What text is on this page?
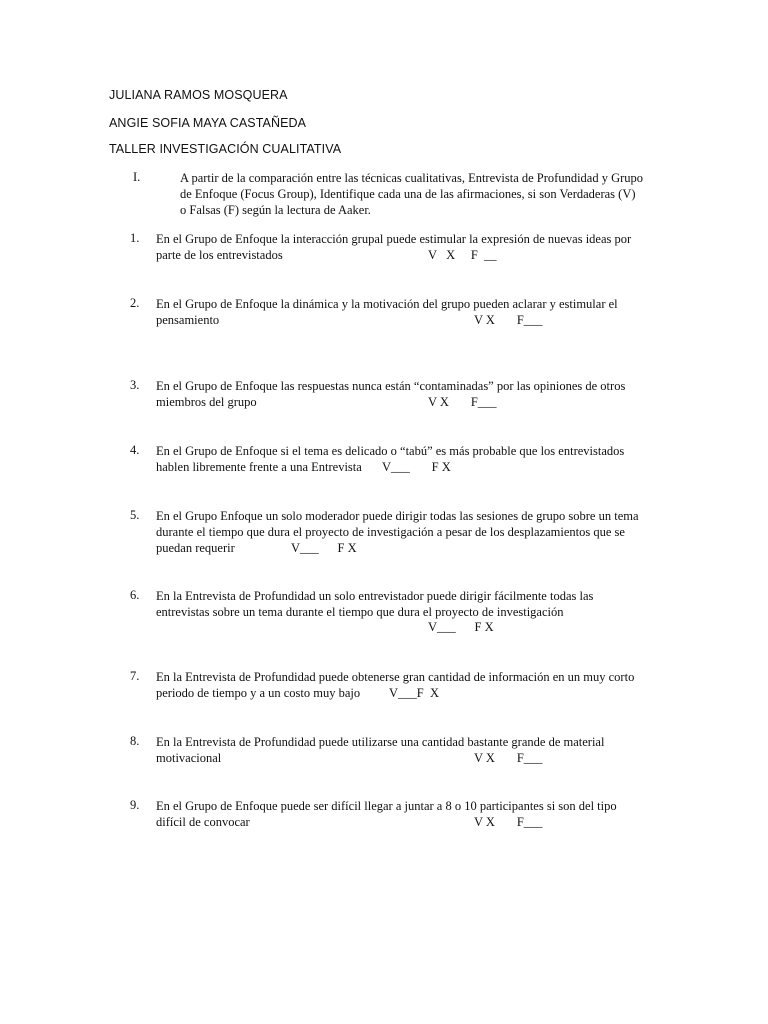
JULIANA RAMOS MOSQUERA
ANGIE SOFIA MAYA CASTAÑEDA
TALLER INVESTIGACIÓN CUALITATIVA
I.	A partir de la comparación entre las técnicas cualitativas, Entrevista de Profundidad y Grupo
de Enfoque (Focus Group), Identifique cada una de las afirmaciones, si son Verdaderas (V)
o Falsas (F) según la lectura de Aaker.
1. En el Grupo de Enfoque la interacción grupal puede estimular la expresión de nuevas ideas por
parte de los entrevistados	V   X     F  __
2. En el Grupo de Enfoque la dinámica y la motivación del grupo pueden aclarar y estimular el
pensamiento	V X       F___
3. En el Grupo de Enfoque las respuestas nunca están “contaminadas” por las opiniones de otros
miembros del grupo	V X       F___
4. En el Grupo de Enfoque si el tema es delicado o “tabú” es más probable que los entrevistados
hablen libremente frente a una Entrevista V___       F X
5. En el Grupo Enfoque un solo moderador puede dirigir todas las sesiones de grupo sobre un tema
durante el tiempo que dura el proyecto de investigación a pesar de los desplazamientos que se
puedan requerir	V___      F X
6. En la Entrevista de Profundidad un solo entrevistador puede dirigir fácilmente todas las
entrevistas sobre un tema durante el tiempo que dura el proyecto de investigación
V___      F X
7. En la Entrevista de Profundidad puede obtenerse gran cantidad de información en un muy corto
periodo de tiempo y a un costo muy bajo V___F  X
8. En la Entrevista de Profundidad puede utilizarse una cantidad bastante grande de material
motivacional	V X       F___
9. En el Grupo de Enfoque puede ser difícil llegar a juntar a 8 o 10 participantes si son del tipo
difícil de convocar	V X       F___
